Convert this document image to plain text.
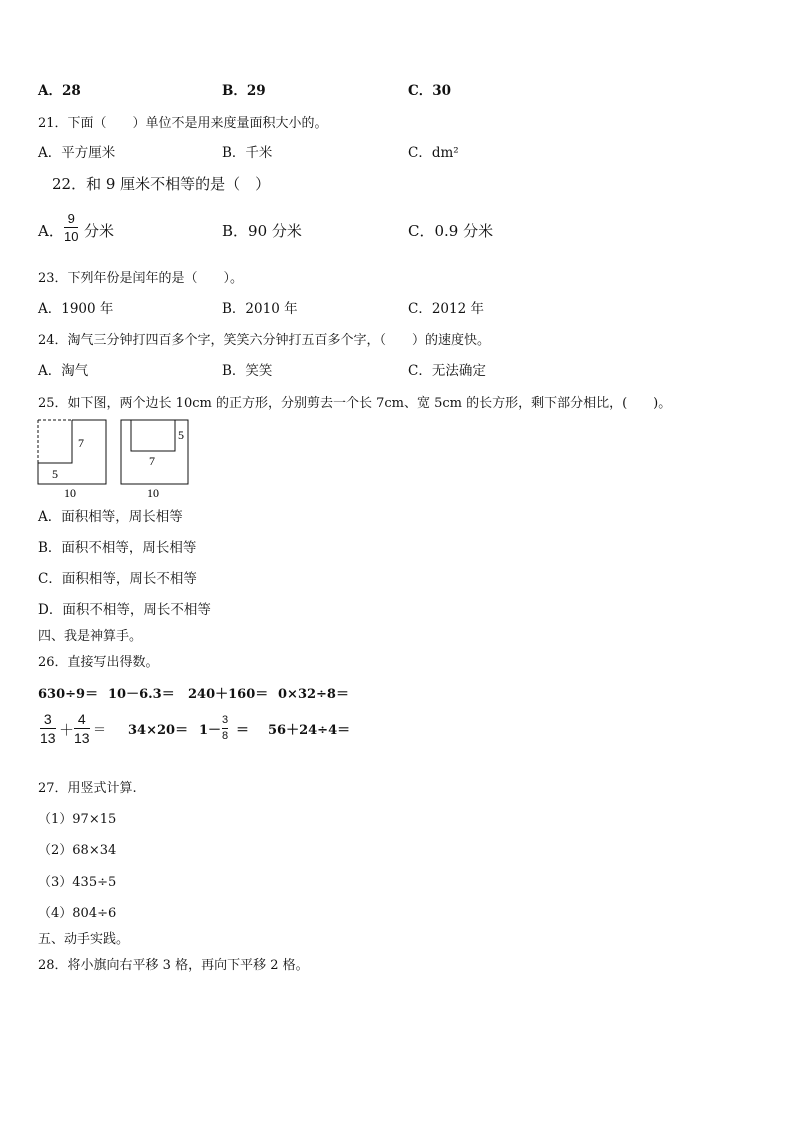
A．28	B．29	C．30
21．下面（　　）单位不是用来度量面积大小的。
A．平方厘米	B．千米	C．dm²
22．和 9 厘米不相等的是（　）
A．
9
10 分米	B．90 分米	C．0.9 分米
23．下列年份是闰年的是（　　）。
A．1900 年	B．2010 年	C．2012 年
24．淘气三分钟打四百多个字，笑笑六分钟打五百多个字，（　　）的速度快。
A．淘气	B．笑笑	C．无法确定
25．如下图，两个边长 10cm 的正方形，分别剪去一个长 7cm、宽 5cm 的长方形，剩下部分相比，(　　)。
7
5
10
5
7
10
A．面积相等，周长相等
B．面积不相等，周长相等
C．面积相等，周长不相等
D．面积不相等，周长不相等
四、我是神算手。
26．直接写出得数。
630÷9＝ 10－6.3＝ 240＋160＝ 0×32÷8＝
3
13 ＋
4
13 ＝ 34×20＝ 1－
3
8 ＝ 56＋24÷4＝
27．用竖式计算.
（1）97×15
（2）68×34
（3）435÷5
（4）804÷6
五、动手实践。
28．将小旗向右平移 3 格，再向下平移 2 格。
